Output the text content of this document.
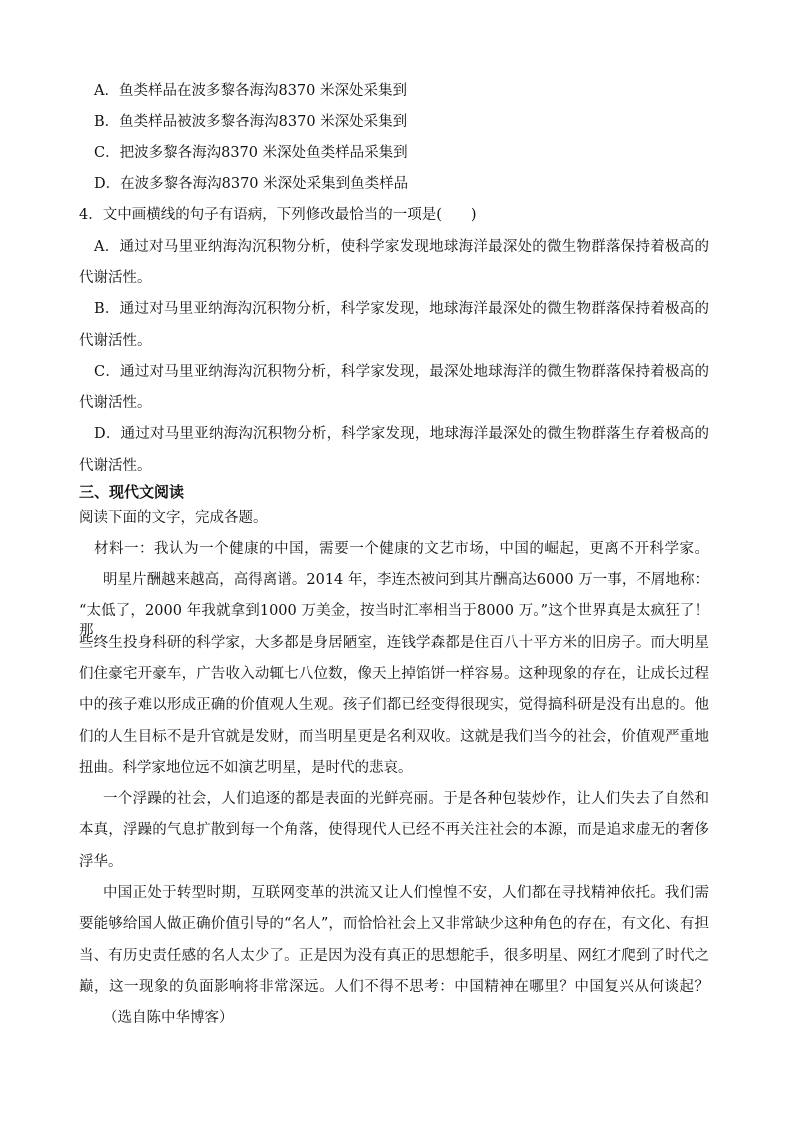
A．鱼类样品在波多黎各海沟8370 米深处采集到
B．鱼类样品被波多黎各海沟8370 米深处采集到
C．把波多黎各海沟8370 米深处鱼类样品采集到
D．在波多黎各海沟8370 米深处采集到鱼类样品
4．文中画横线的句子有语病，下列修改最恰当的一项是(　　)
A．通过对马里亚纳海沟沉积物分析，使科学家发现地球海洋最深处的微生物群落保持着极高的
代谢活性。
B．通过对马里亚纳海沟沉积物分析，科学家发现，地球海洋最深处的微生物群落保持着极高的
代谢活性。
C．通过对马里亚纳海沟沉积物分析，科学家发现，最深处地球海洋的微生物群落保持着极高的
代谢活性。
D．通过对马里亚纳海沟沉积物分析，科学家发现，地球海洋最深处的微生物群落生存着极高的
代谢活性。
三、现代文阅读
阅读下面的文字，完成各题。
材料一：我认为一个健康的中国，需要一个健康的文艺市场，中国的崛起，更离不开科学家。
明星片酬越来越高，高得离谱。2014 年，李连杰被问到其片酬高达6000 万一事，不屑地称：
“太低了，2000 年我就拿到1000 万美金，按当时汇率相当于8000 万。”这个世界真是太疯狂了！那
些终生投身科研的科学家，大多都是身居陋室，连钱学森都是住百八十平方米的旧房子。而大明星
们住豪宅开豪车，广告收入动辄七八位数，像天上掉馅饼一样容易。这种现象的存在，让成长过程
中的孩子难以形成正确的价值观人生观。孩子们都已经变得很现实，觉得搞科研是没有出息的。他
们的人生目标不是升官就是发财，而当明星更是名利双收。这就是我们当今的社会，价值观严重地
扭曲。科学家地位远不如演艺明星，是时代的悲哀。
一个浮躁的社会，人们追逐的都是表面的光鲜亮丽。于是各种包装炒作，让人们失去了自然和
本真，浮躁的气息扩散到每一个角落，使得现代人已经不再关注社会的本源，而是追求虚无的奢侈
浮华。
中国正处于转型时期，互联网变革的洪流又让人们惶惶不安，人们都在寻找精神依托。我们需
要能够给国人做正确价值引导的“名人”，而恰恰社会上又非常缺少这种角色的存在，有文化、有担
当、有历史责任感的名人太少了。正是因为没有真正的思想舵手，很多明星、网红才爬到了时代之
巅，这一现象的负面影响将非常深远。人们不得不思考：中国精神在哪里？中国复兴从何谈起？
（选自陈中华博客）
